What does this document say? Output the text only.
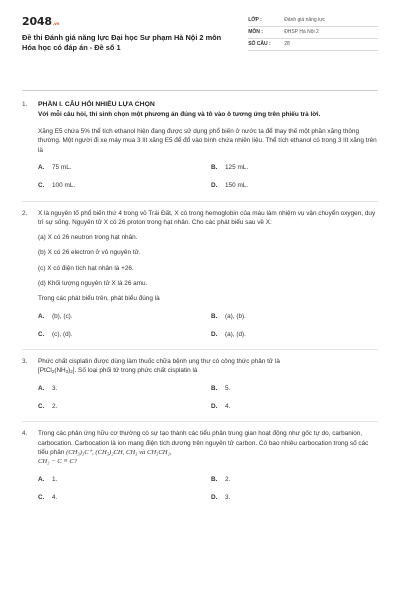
2048.vn
Đề thi Đánh giá năng lực Đại học Sư phạm Hà Nội 2 môn
Hóa học có đáp án - Đề số 1
LỚP :	Đánh giá năng lực
MÔN :	ĐHSP Hà Nội 2
SỐ CÂU :	28
1.	PHẦN I. CÂU HỎI NHIỀU LỰA CHỌN
Với mỗi câu hỏi, thí sinh chọn một phương án đúng và tô vào ô tương ứng trên phiếu trả lời.
Xăng E5 chứa 5% thể tích ethanol hiện đang được sử dụng phổ biến ở nước ta để thay thế một phần xăng thông thường. Một người đi xe máy mua 3 lít xăng E5 để đổ vào bình chứa nhiên liệu. Thể tích ethanol có trong 3 lít xăng trên là
A. 75 mL.	B. 125 mL.
C. 100 mL.	D. 150 mL.
2.	X là nguyên tố phổ biến thứ 4 trong vỏ Trái Đất, X có trong hemoglobin của máu làm nhiệm vụ vận chuyển oxygen, duy trì sự sống. Nguyên tử X có 26 proton trong hạt nhân. Cho các phát biểu sau về X:
(a) X có 26 neutron trong hạt nhân.
(b) X có 26 electron ở vỏ nguyên tử.
(c) X có điện tích hạt nhân là +26.
(d) Khối lượng nguyên tử X là 26 amu.
Trong các phát biểu trên, phát biểu đúng là
A. (b), (c).	B. (a), (b).
C. (c), (d).	D. (a), (d).
3.	Phức chất cisplatin được dùng làm thuốc chữa bệnh ung thư có công thức phân tử là
$[PtCl_2(NH_3)_2]$. Số loại phối tử trong phức chất cisplatin là
A. 3.	B. 5.
C. 2.	D. 4.
4.	Trong các phản ứng hữu cơ thường có sự tạo thành các tiểu phân trung gian hoạt động như gốc tự do, carbanion, carbocation. Carbocation là ion mang điện tích dương trên nguyên tử carbon. Có bao nhiêu carbocation trong số các tiểu phân (CH₃)₃C⁺, (CH₃)₂CH, CH₃ và CH₃CH₂,
CH₂ − C ≡ C?
A. 1.	B. 2.
C. 4.	D. 3.
